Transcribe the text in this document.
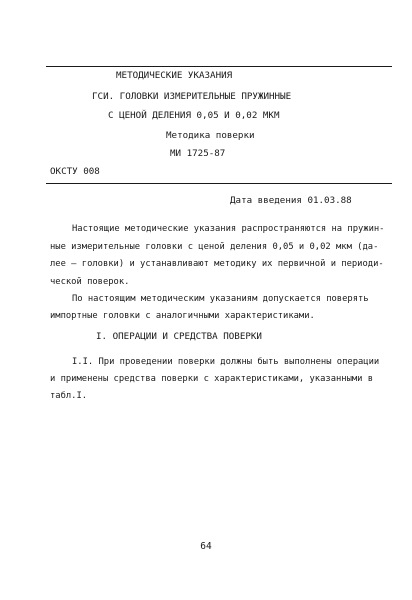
МЕТОДИЧЕСКИЕ УКАЗАНИЯ
ГСИ. ГОЛОВКИ ИЗМЕРИТЕЛЬНЫЕ ПРУЖИННЫЕ
С ЦЕНОЙ ДЕЛЕНИЯ 0,05 И 0,02 МКМ
Методика поверки
МИ 1725-87
ОКСТУ 008
Дата введения 01.03.88
Настоящие методические указания распространяются на пружин-
ные измерительные головки с ценой деления 0,05 и 0,02 мкм (да-
лее – головки) и устанавливают методику их первичной и периоди-
ческой поверок.
По настоящим методическим указаниям допускается поверять
импортные головки с аналогичными характеристиками.
I. ОПЕРАЦИИ И СРЕДСТВА ПОВЕРКИ
I.I. При проведении поверки должны быть выполнены операции
и применены средства поверки с характеристиками, указанными в
табл.I.
64
